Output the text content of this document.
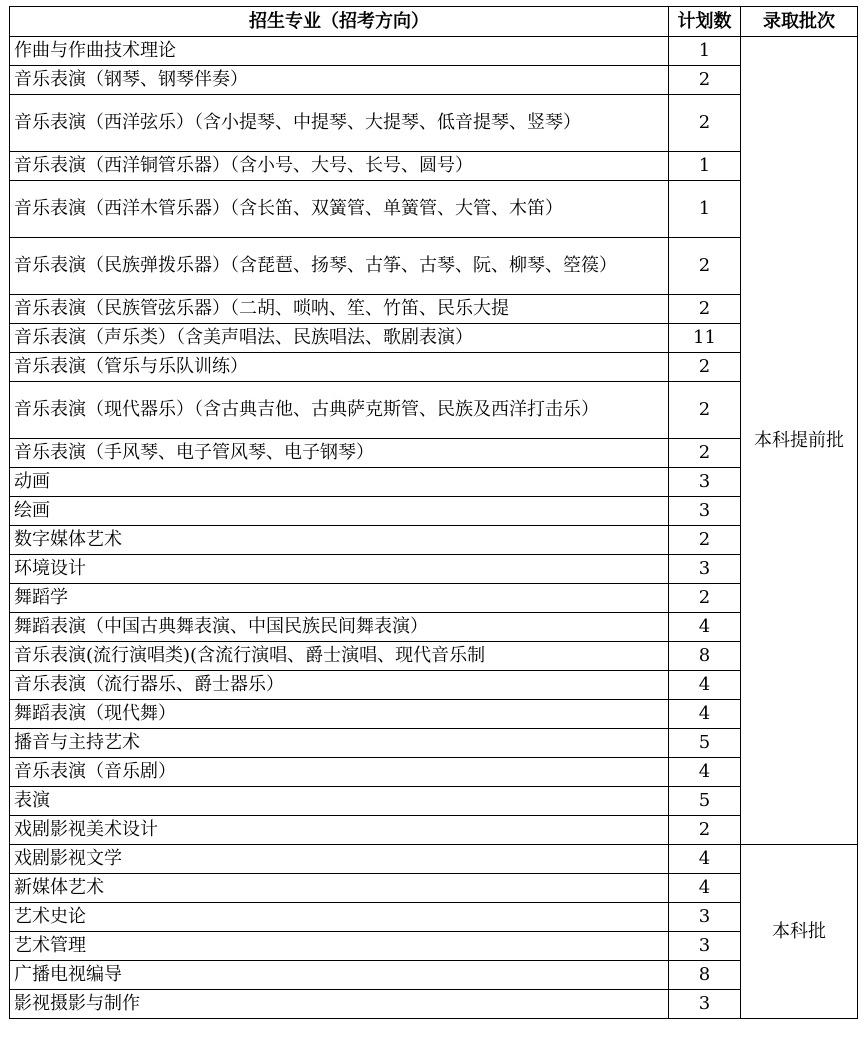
招生专业（招考方向）	计划数	录取批次
作曲与作曲技术理论	1	本科提前批
音乐表演（钢琴、钢琴伴奏）	2	
音乐表演（西洋弦乐）（含小提琴、中提琴、大提琴、低音提琴、竖琴）	2	
音乐表演（西洋铜管乐器）（含小号、大号、长号、圆号）	1	
音乐表演（西洋木管乐器）（含长笛、双簧管、单簧管、大管、木笛）	1	
音乐表演（民族弹拨乐器）（含琵琶、扬琴、古筝、古琴、阮、柳琴、箜篌）	2	
音乐表演（民族管弦乐器）（二胡、唢呐、笙、竹笛、民乐大提	2	
音乐表演（声乐类）（含美声唱法、民族唱法、歌剧表演）	11	
音乐表演（管乐与乐队训练）	2	
音乐表演（现代器乐）（含古典吉他、古典萨克斯管、民族及西洋打击乐）	2	
音乐表演（手风琴、电子管风琴、电子钢琴）	2	
动画	3	
绘画	3	
数字媒体艺术	2	
环境设计	3	
舞蹈学	2	
舞蹈表演（中国古典舞表演、中国民族民间舞表演）	4	
音乐表演(流行演唱类)(含流行演唱、爵士演唱、现代音乐制	8	
音乐表演（流行器乐、爵士器乐）	4	
舞蹈表演（现代舞）	4	
播音与主持艺术	5	
音乐表演（音乐剧）	4	
表演	5	
戏剧影视美术设计	2	
戏剧影视文学	4	本科批
新媒体艺术	4	
艺术史论	3	
艺术管理	3	
广播电视编导	8	
影视摄影与制作	3	
